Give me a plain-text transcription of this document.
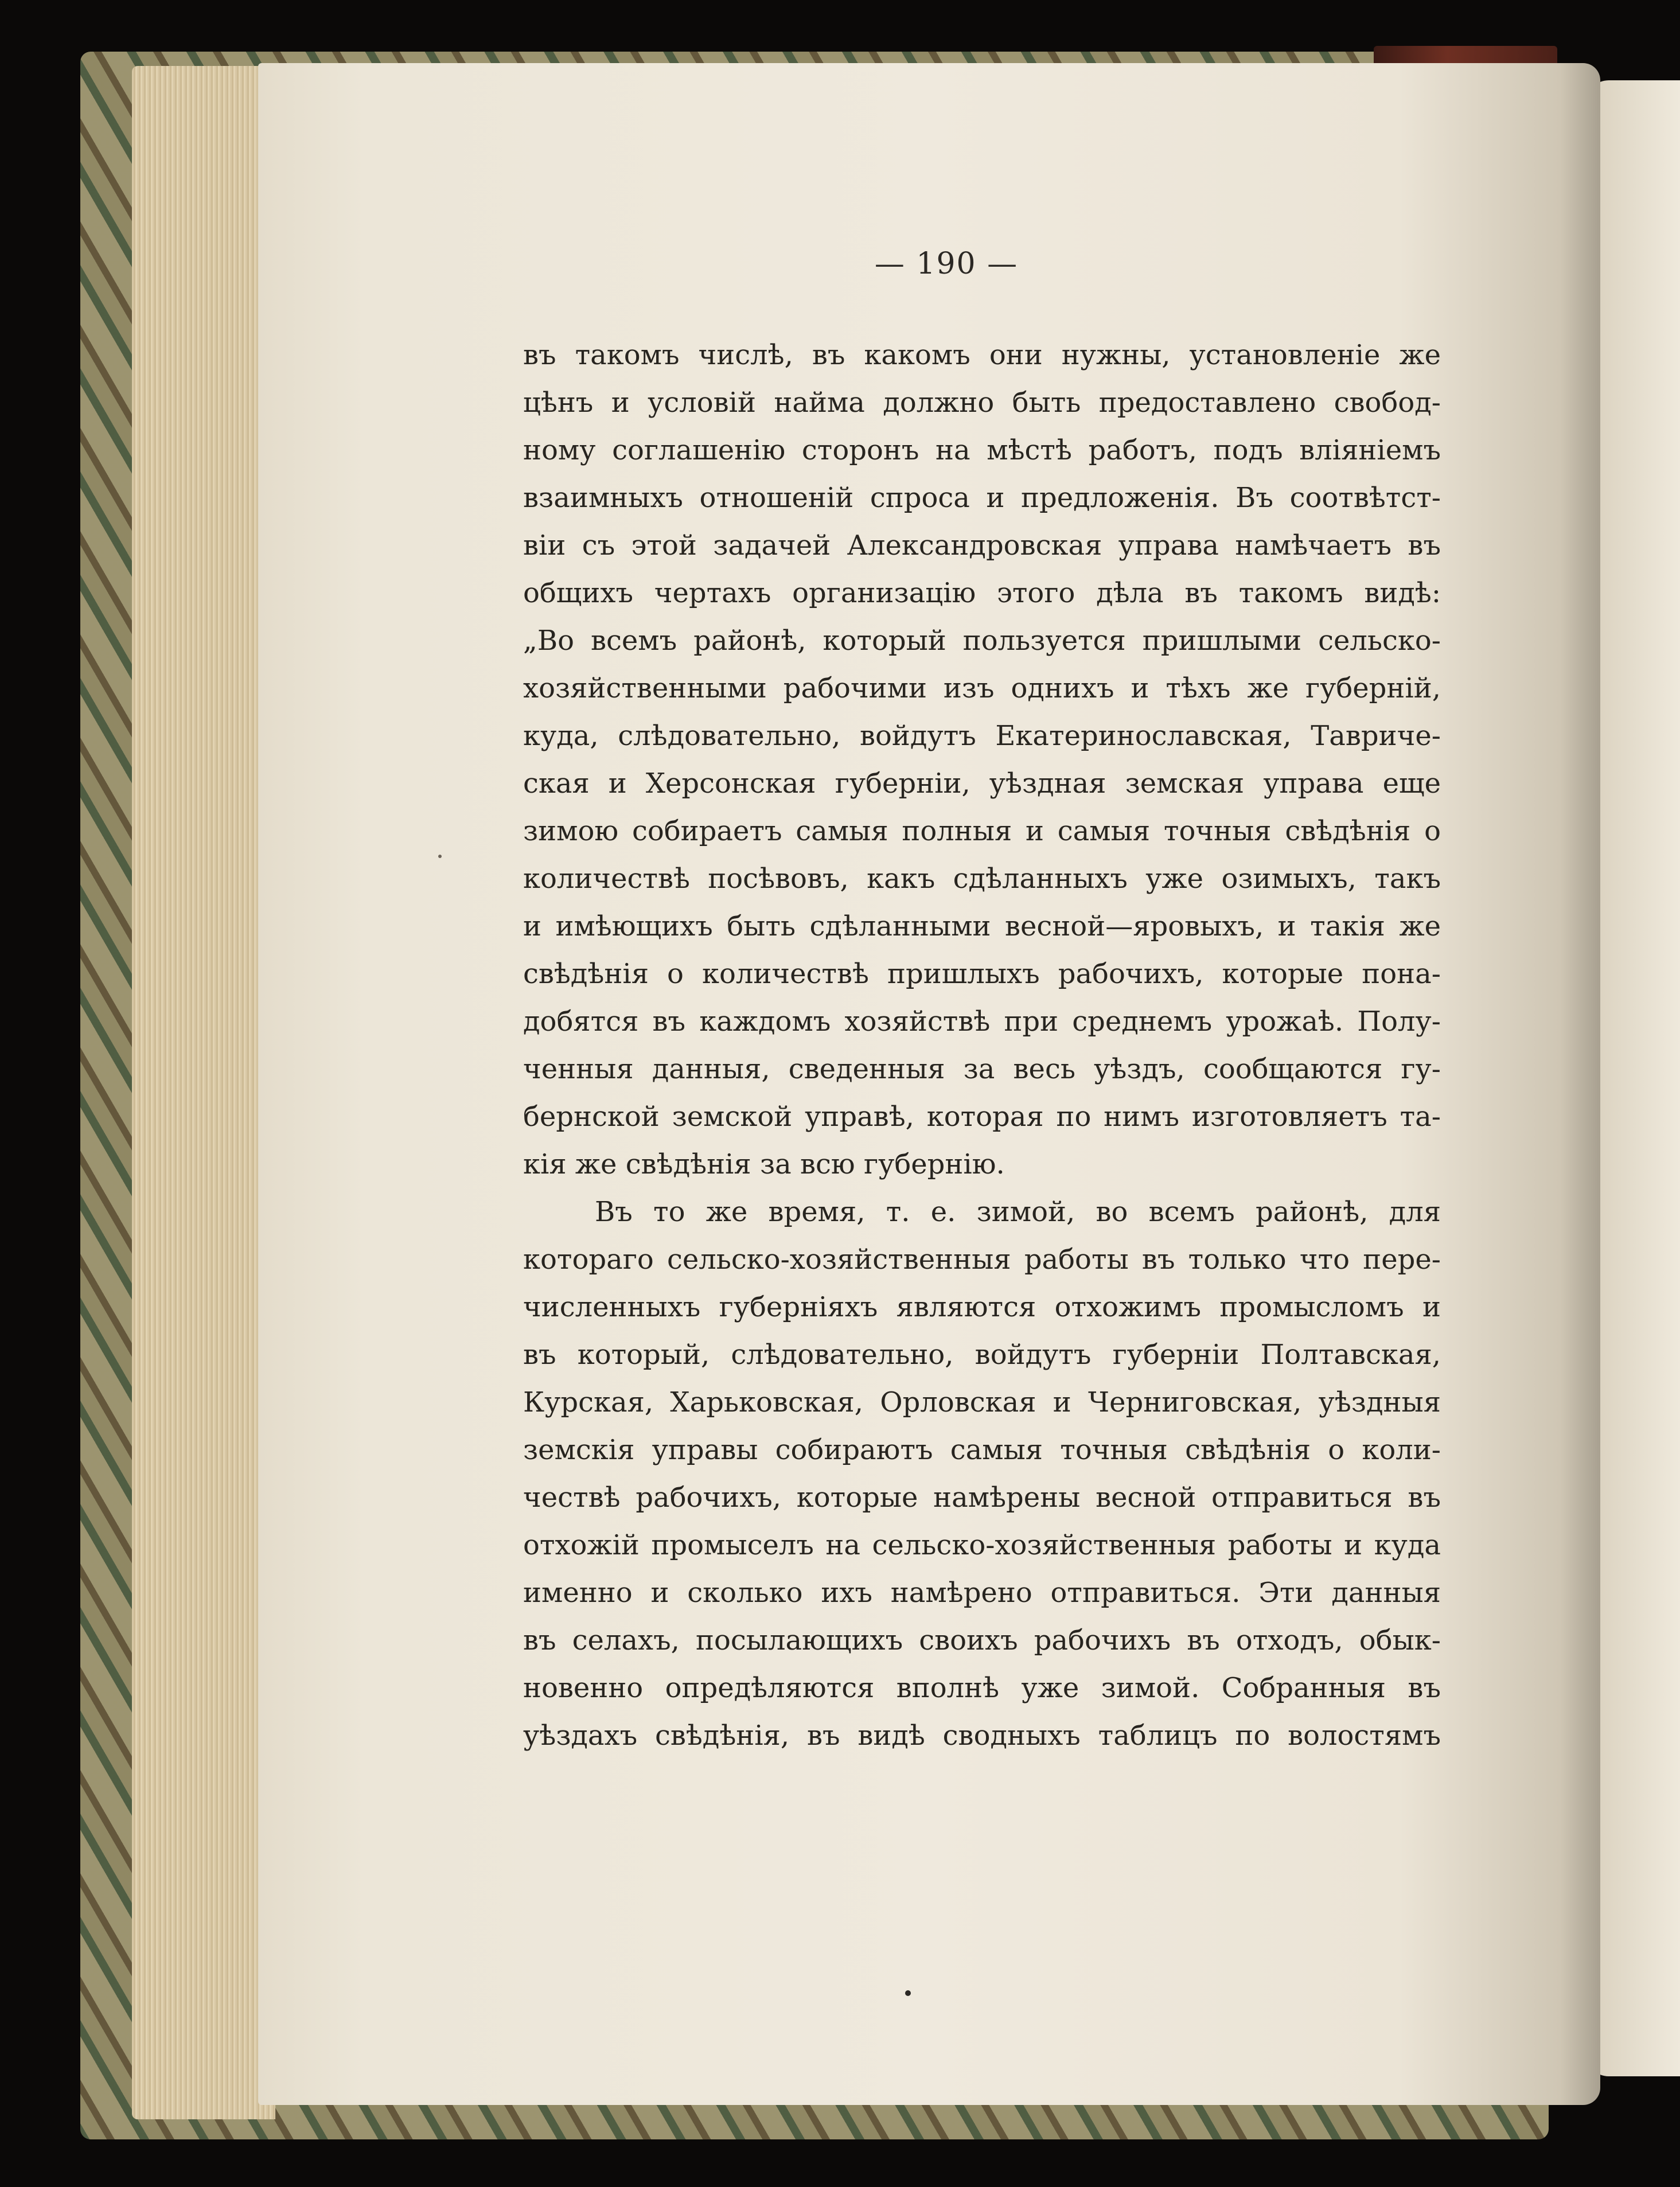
— 190 —
въ такомъ числѣ, въ какомъ они нужны, установленіе же
цѣнъ и условій найма должно быть предоставлено свобод-
ному соглашенію сторонъ на мѣстѣ работъ, подъ вліяніемъ
взаимныхъ отношеній спроса и предложенія. Въ соотвѣтст-
віи съ этой задачей Александровская управа намѣчаетъ въ
общихъ чертахъ организацію этого дѣла въ такомъ видѣ:
„Во всемъ районѣ, который пользуется пришлыми сельско-
хозяйственными рабочими изъ однихъ и тѣхъ же губерній,
куда, слѣдовательно, войдутъ Екатеринославская, Тавриче-
ская и Херсонская губерніи, уѣздная земская управа еще
зимою собираетъ самыя полныя и самыя точныя свѣдѣнія о
количествѣ посѣвовъ, какъ сдѣланныхъ уже озимыхъ, такъ
и имѣющихъ быть сдѣланными весной—яровыхъ, и такія же
свѣдѣнія о количествѣ пришлыхъ рабочихъ, которые пона-
добятся въ каждомъ хозяйствѣ при среднемъ урожаѣ. Полу-
ченныя данныя, сведенныя за весь уѣздъ, сообщаются гу-
бернской земской управѣ, которая по нимъ изготовляетъ та-
кія же свѣдѣнія за всю губернію.
Въ то же время, т. е. зимой, во всемъ районѣ, для
котораго сельско-хозяйственныя работы въ только что пере-
численныхъ губерніяхъ являются отхожимъ промысломъ и
въ который, слѣдовательно, войдутъ губерніи Полтавская,
Курская, Харьковская, Орловская и Черниговская, уѣздныя
земскія управы собираютъ самыя точныя свѣдѣнія о коли-
чествѣ рабочихъ, которые намѣрены весной отправиться въ
отхожій промыселъ на сельско-хозяйственныя работы и куда
именно и сколько ихъ намѣрено отправиться. Эти данныя
въ селахъ, посылающихъ своихъ рабочихъ въ отходъ, обык-
новенно опредѣляются вполнѣ уже зимой. Собранныя въ
уѣздахъ свѣдѣнія, въ видѣ сводныхъ таблицъ по волостямъ
